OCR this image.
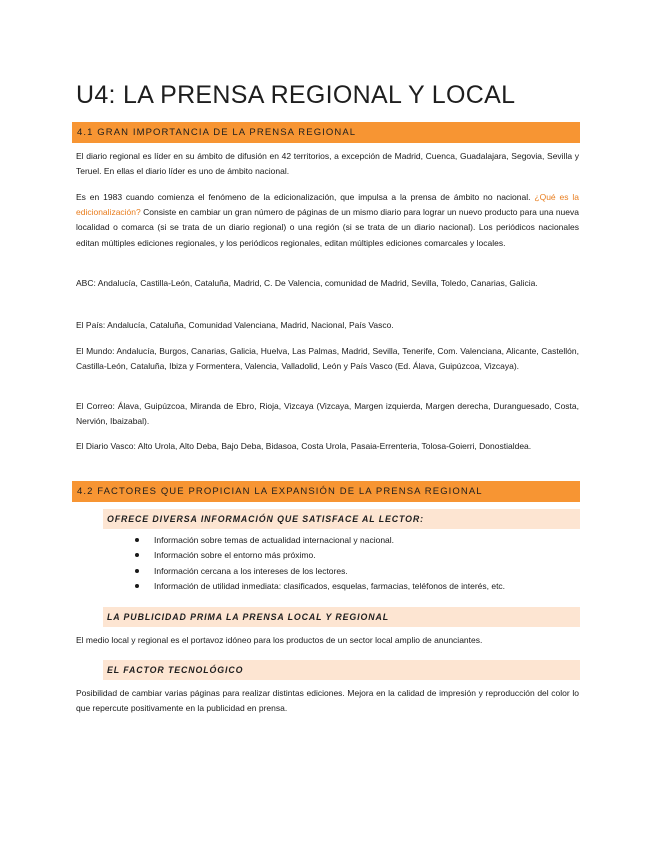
U4: LA PRENSA REGIONAL Y LOCAL
4.1 GRAN IMPORTANCIA DE LA PRENSA REGIONAL

El diario regional es líder en su ámbito de difusión en 42 territorios, a excepción de Madrid, Cuenca, Guadalajara, Segovia, Sevilla y Teruel. En ellas el diario líder es uno de ámbito nacional.

Es en 1983 cuando comienza el fenómeno de la edicionalización, que impulsa a la prensa de ámbito no nacional. ¿Qué es la edicionalización? Consiste en cambiar un gran número de páginas de un mismo diario para lograr un nuevo producto para una nueva localidad o comarca (si se trata de un diario regional) o una región (si se trata de un diario nacional). Los periódicos nacionales editan múltiples ediciones regionales, y los periódicos regionales, editan múltiples ediciones comarcales y locales.

ABC: Andalucía, Castilla-León, Cataluña, Madrid, C. De Valencia, comunidad de Madrid, Sevilla, Toledo, Canarias, Galicia.

El País: Andalucía, Cataluña, Comunidad Valenciana, Madrid, Nacional, País Vasco.

El Mundo: Andalucía, Burgos, Canarias, Galicia, Huelva, Las Palmas, Madrid, Sevilla, Tenerife, Com. Valenciana, Alicante, Castellón, Castilla-León, Cataluña, Ibiza y Formentera, Valencia, Valladolid, León y País Vasco (Ed. Álava, Guipúzcoa, Vizcaya).

El Correo: Álava, Guipúzcoa, Miranda de Ebro, Rioja, Vizcaya (Vizcaya, Margen izquierda, Margen derecha, Duranguesado, Costa, Nervión, Ibaizabal).

El Diario Vasco: Alto Urola, Alto Deba, Bajo Deba, Bidasoa, Costa Urola, Pasaia-Errenteria, Tolosa-Goierri, Donostialdea.

4.2 FACTORES QUE PROPICIAN LA EXPANSIÓN DE LA PRENSA REGIONAL
OFRECE DIVERSA INFORMACIÓN QUE SATISFACE AL LECTOR:
Información sobre temas de actualidad internacional y nacional.
Información sobre el entorno más próximo.
Información cercana a los intereses de los lectores.
Información de utilidad inmediata: clasificados, esquelas, farmacias, teléfonos de interés, etc.
LA PUBLICIDAD PRIMA LA PRENSA LOCAL Y REGIONAL

El medio local y regional es el portavoz idóneo para los productos de un sector local amplio de anunciantes.

EL FACTOR TECNOLÓGICO

Posibilidad de cambiar varias páginas para realizar distintas ediciones. Mejora en la calidad de impresión y reproducción del color lo que repercute positivamente en la publicidad en prensa.
